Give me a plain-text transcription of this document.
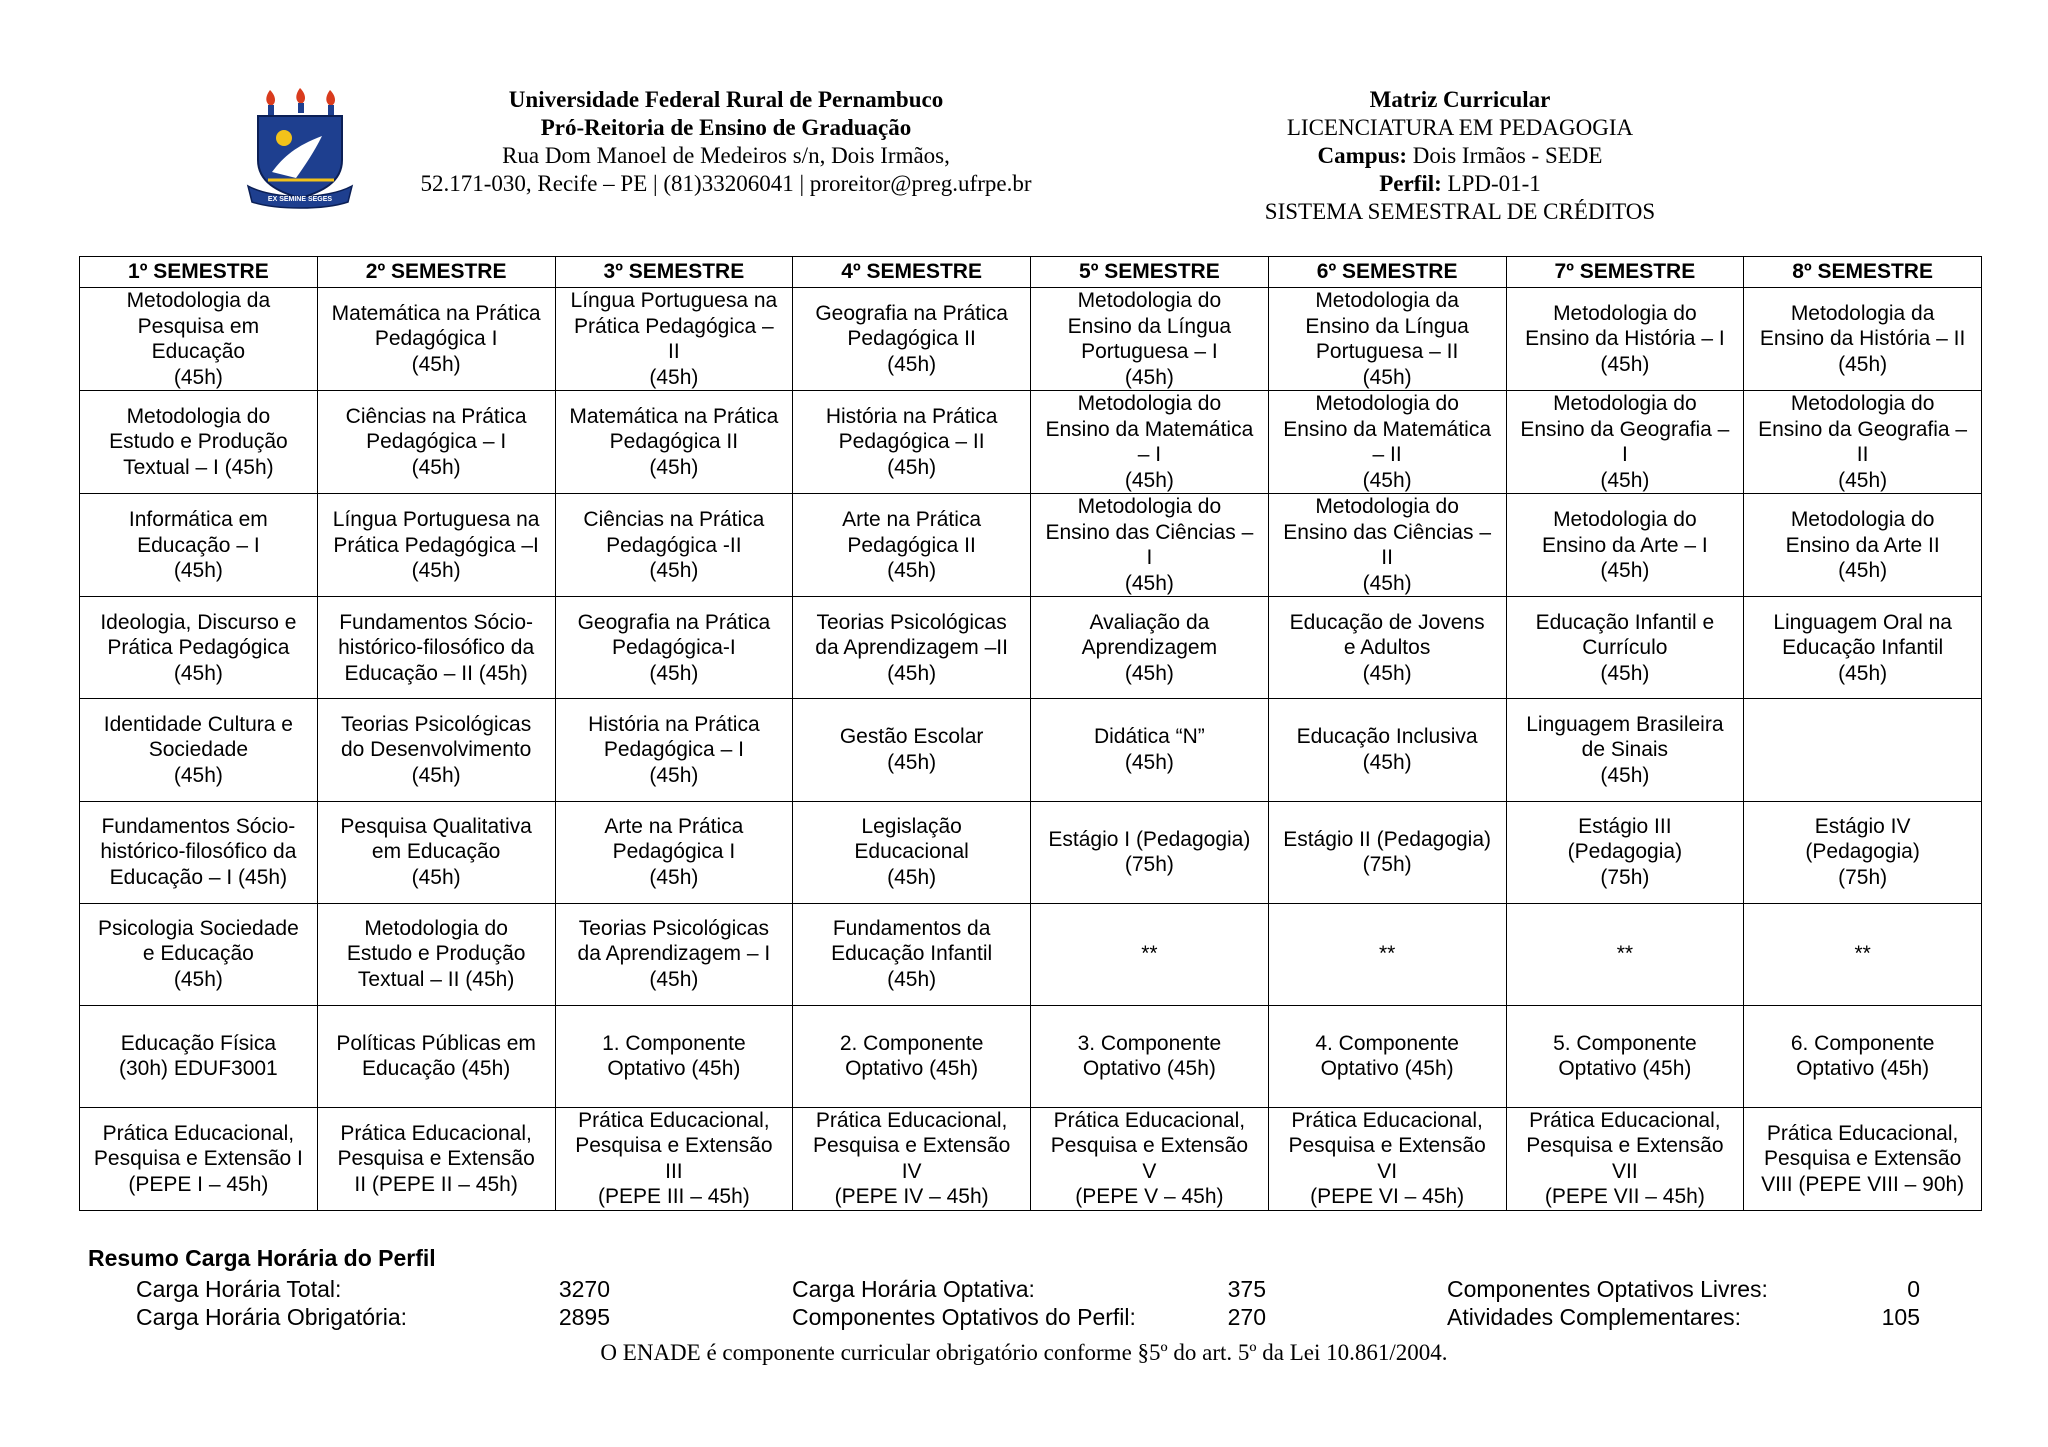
EX SEMINE SEGES
Universidade Federal Rural de Pernambuco
Pró-Reitoria de Ensino de Graduação
Rua Dom Manoel de Medeiros s/n, Dois Irmãos,
52.171-030, Recife – PE | (81)33206041 | proreitor@preg.ufrpe.br
Matriz Curricular
LICENCIATURA EM PEDAGOGIA
Campus: Dois Irmãos - SEDE
Perfil: LPD-01-1
SISTEMA SEMESTRAL DE CRÉDITOS
1º SEMESTRE	2º SEMESTRE	3º SEMESTRE	4º SEMESTRE	5º SEMESTRE	6º SEMESTRE	7º SEMESTRE	8º SEMESTRE
Metodologia da
Pesquisa em
Educação
(45h)	Matemática na Prática
Pedagógica I
(45h)	Língua Portuguesa na
Prática Pedagógica –
II
(45h)	Geografia na Prática
Pedagógica II
(45h)	Metodologia do
Ensino da Língua
Portuguesa – I
(45h)	Metodologia da
Ensino da Língua
Portuguesa – II
(45h)	Metodologia do
Ensino da História – I
(45h)	Metodologia da
Ensino da História – II
(45h)
Metodologia do
Estudo e Produção
Textual – I (45h)	Ciências na Prática
Pedagógica – I
(45h)	Matemática na Prática
Pedagógica II
(45h)	História na Prática
Pedagógica – II
(45h)	Metodologia do
Ensino da Matemática
– I
(45h)	Metodologia do
Ensino da Matemática
– II
(45h)	Metodologia do
Ensino da Geografia –
I
(45h)	Metodologia do
Ensino da Geografia –
II
(45h)
Informática em
Educação – I
(45h)	Língua Portuguesa na
Prática Pedagógica –I
(45h)	Ciências na Prática
Pedagógica -II
(45h)	Arte na Prática
Pedagógica II
(45h)	Metodologia do
Ensino das Ciências –
I
(45h)	Metodologia do
Ensino das Ciências –
II
(45h)	Metodologia do
Ensino da Arte – I
(45h)	Metodologia do
Ensino da Arte II
(45h)
Ideologia, Discurso e
Prática Pedagógica
(45h)	Fundamentos Sócio-
histórico-filosófico da
Educação – II (45h)	Geografia na Prática
Pedagógica-I
(45h)	Teorias Psicológicas
da Aprendizagem –II
(45h)	Avaliação da
Aprendizagem
(45h)	Educação de Jovens
e Adultos
(45h)	Educação Infantil e
Currículo
(45h)	Linguagem Oral na
Educação Infantil
(45h)
Identidade Cultura e
Sociedade
(45h)	Teorias Psicológicas
do Desenvolvimento
(45h)	História na Prática
Pedagógica – I
(45h)	Gestão Escolar
(45h)	Didática “N”
(45h)	Educação Inclusiva
(45h)	Linguagem Brasileira
de Sinais
(45h)	
Fundamentos Sócio-
histórico-filosófico da
Educação – I (45h)	Pesquisa Qualitativa
em Educação
(45h)	Arte na Prática
Pedagógica I
(45h)	Legislação
Educacional
(45h)	Estágio I (Pedagogia)
(75h)	Estágio II (Pedagogia)
(75h)	Estágio III
(Pedagogia)
(75h)	Estágio IV
(Pedagogia)
(75h)
Psicologia Sociedade
e Educação
(45h)	Metodologia do
Estudo e Produção
Textual – II (45h)	Teorias Psicológicas
da Aprendizagem – I
(45h)	Fundamentos da
Educação Infantil
(45h)	**	**	**	**
Educação Física
(30h) EDUF3001	Políticas Públicas em
Educação (45h)	1. Componente
Optativo (45h)	2. Componente
Optativo (45h)	3. Componente
Optativo (45h)	4. Componente
Optativo (45h)	5. Componente
Optativo (45h)	6. Componente
Optativo (45h)
Prática Educacional,
Pesquisa e Extensão I
(PEPE I – 45h)	Prática Educacional,
Pesquisa e Extensão
II (PEPE II – 45h)	Prática Educacional,
Pesquisa e Extensão
III
(PEPE III – 45h)	Prática Educacional,
Pesquisa e Extensão
IV
(PEPE IV – 45h)	Prática Educacional,
Pesquisa e Extensão
V
(PEPE V – 45h)	Prática Educacional,
Pesquisa e Extensão
VI
(PEPE VI – 45h)	Prática Educacional,
Pesquisa e Extensão
VII
(PEPE VII – 45h)	Prática Educacional,
Pesquisa e Extensão
VIII (PEPE VIII – 90h)
Resumo Carga Horária do Perfil
Carga Horária Total:	3270
Carga Horária Obrigatória:	2895
Carga Horária Optativa:	375
Componentes Optativos do Perfil:	270
Componentes Optativos Livres:	0
Atividades Complementares:	105
O ENADE é componente curricular obrigatório conforme §5º do art. 5º da Lei 10.861/2004.
